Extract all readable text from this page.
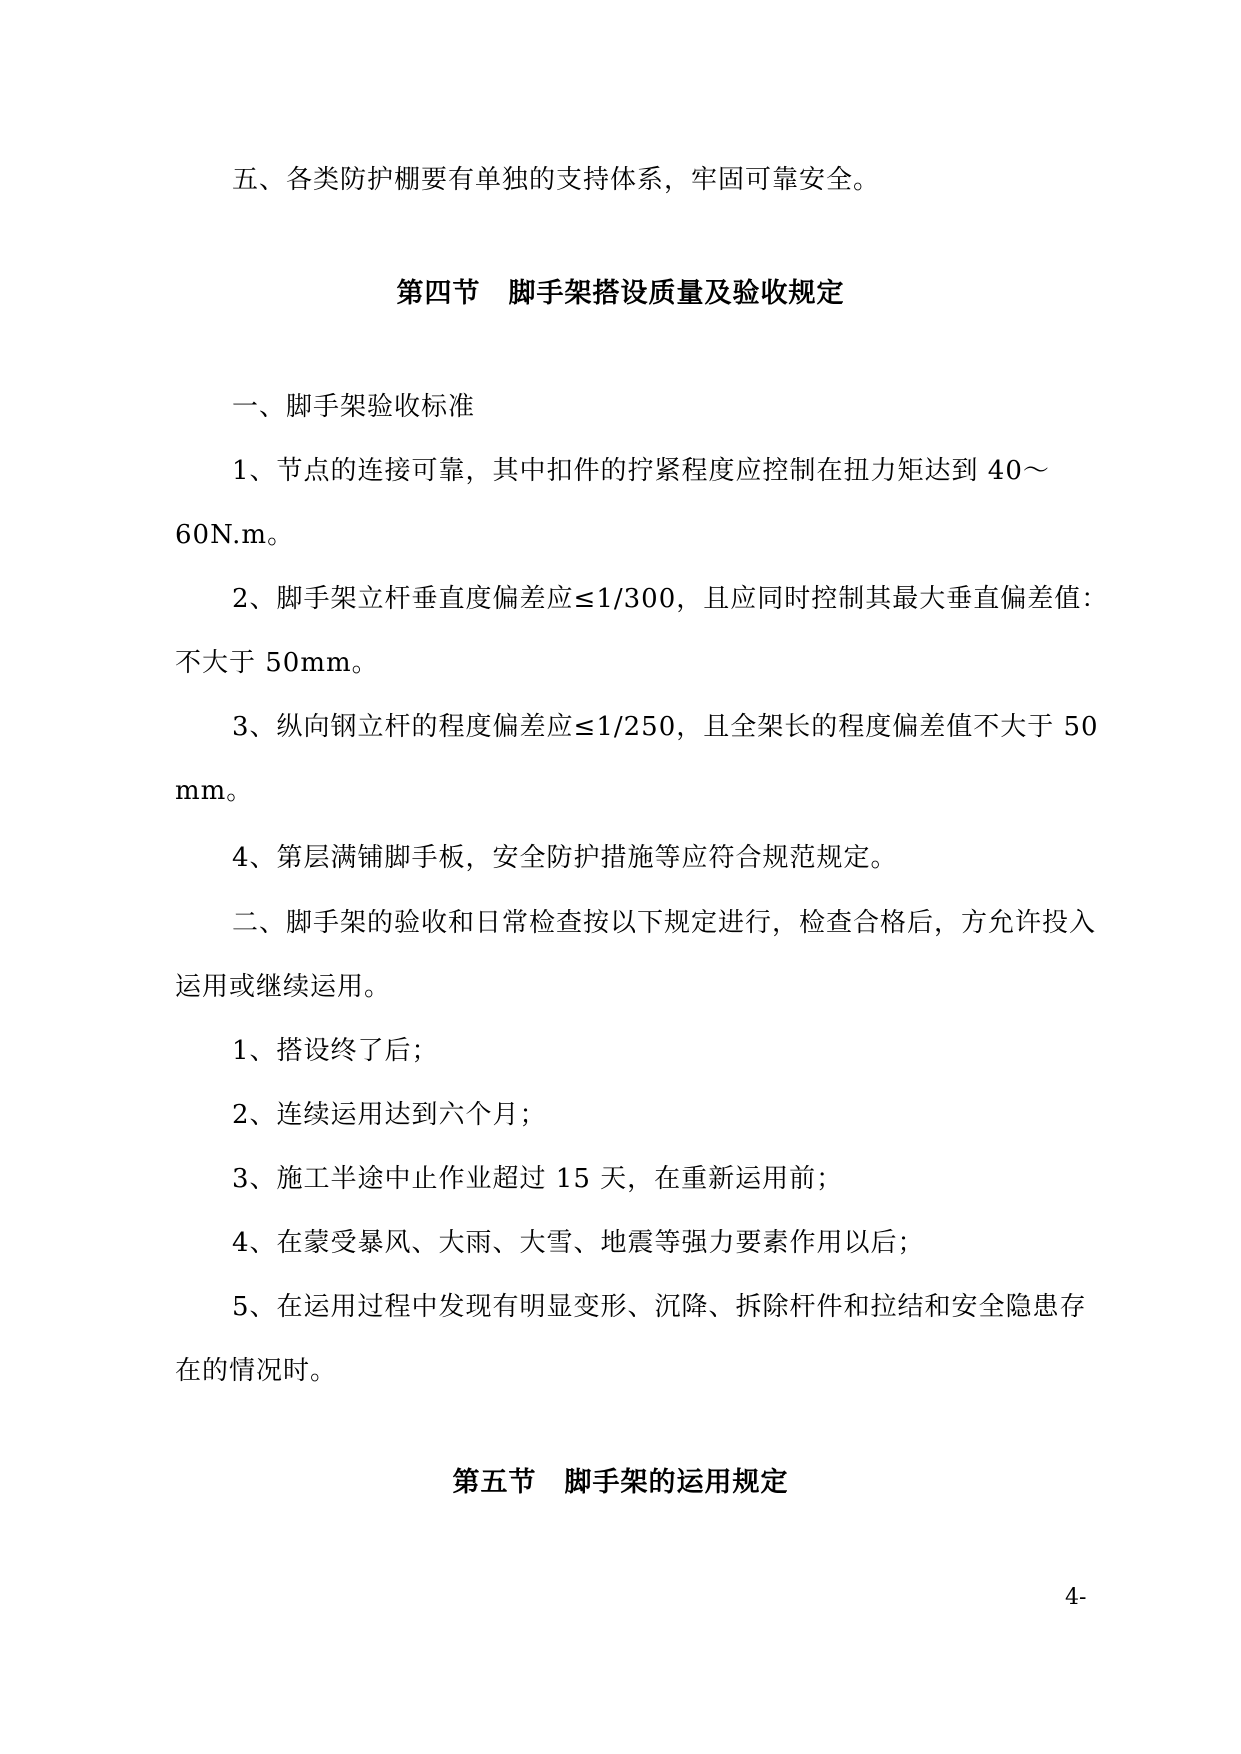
五、各类防护棚要有单独的支持体系，牢固可靠安全。
第四节　脚手架搭设质量及验收规定
一、脚手架验收标准
1、节点的连接可靠，其中扣件的拧紧程度应控制在扭力矩达到 40～
60N.m。
2、脚手架立杆垂直度偏差应≤1/300，且应同时控制其最大垂直偏差值：
不大于 50mm。
3、纵向钢立杆的程度偏差应≤1/250，且全架长的程度偏差值不大于 50
mm。
4、第层满铺脚手板，安全防护措施等应符合规范规定。
二、脚手架的验收和日常检查按以下规定进行，检查合格后，方允许投入
运用或继续运用。
1、搭设终了后；
2、连续运用达到六个月；
3、施工半途中止作业超过 15 天，在重新运用前；
4、在蒙受暴风、大雨、大雪、地震等强力要素作用以后；
5、在运用过程中发现有明显变形、沉降、拆除杆件和拉结和安全隐患存
在的情况时。
第五节　脚手架的运用规定
4-
